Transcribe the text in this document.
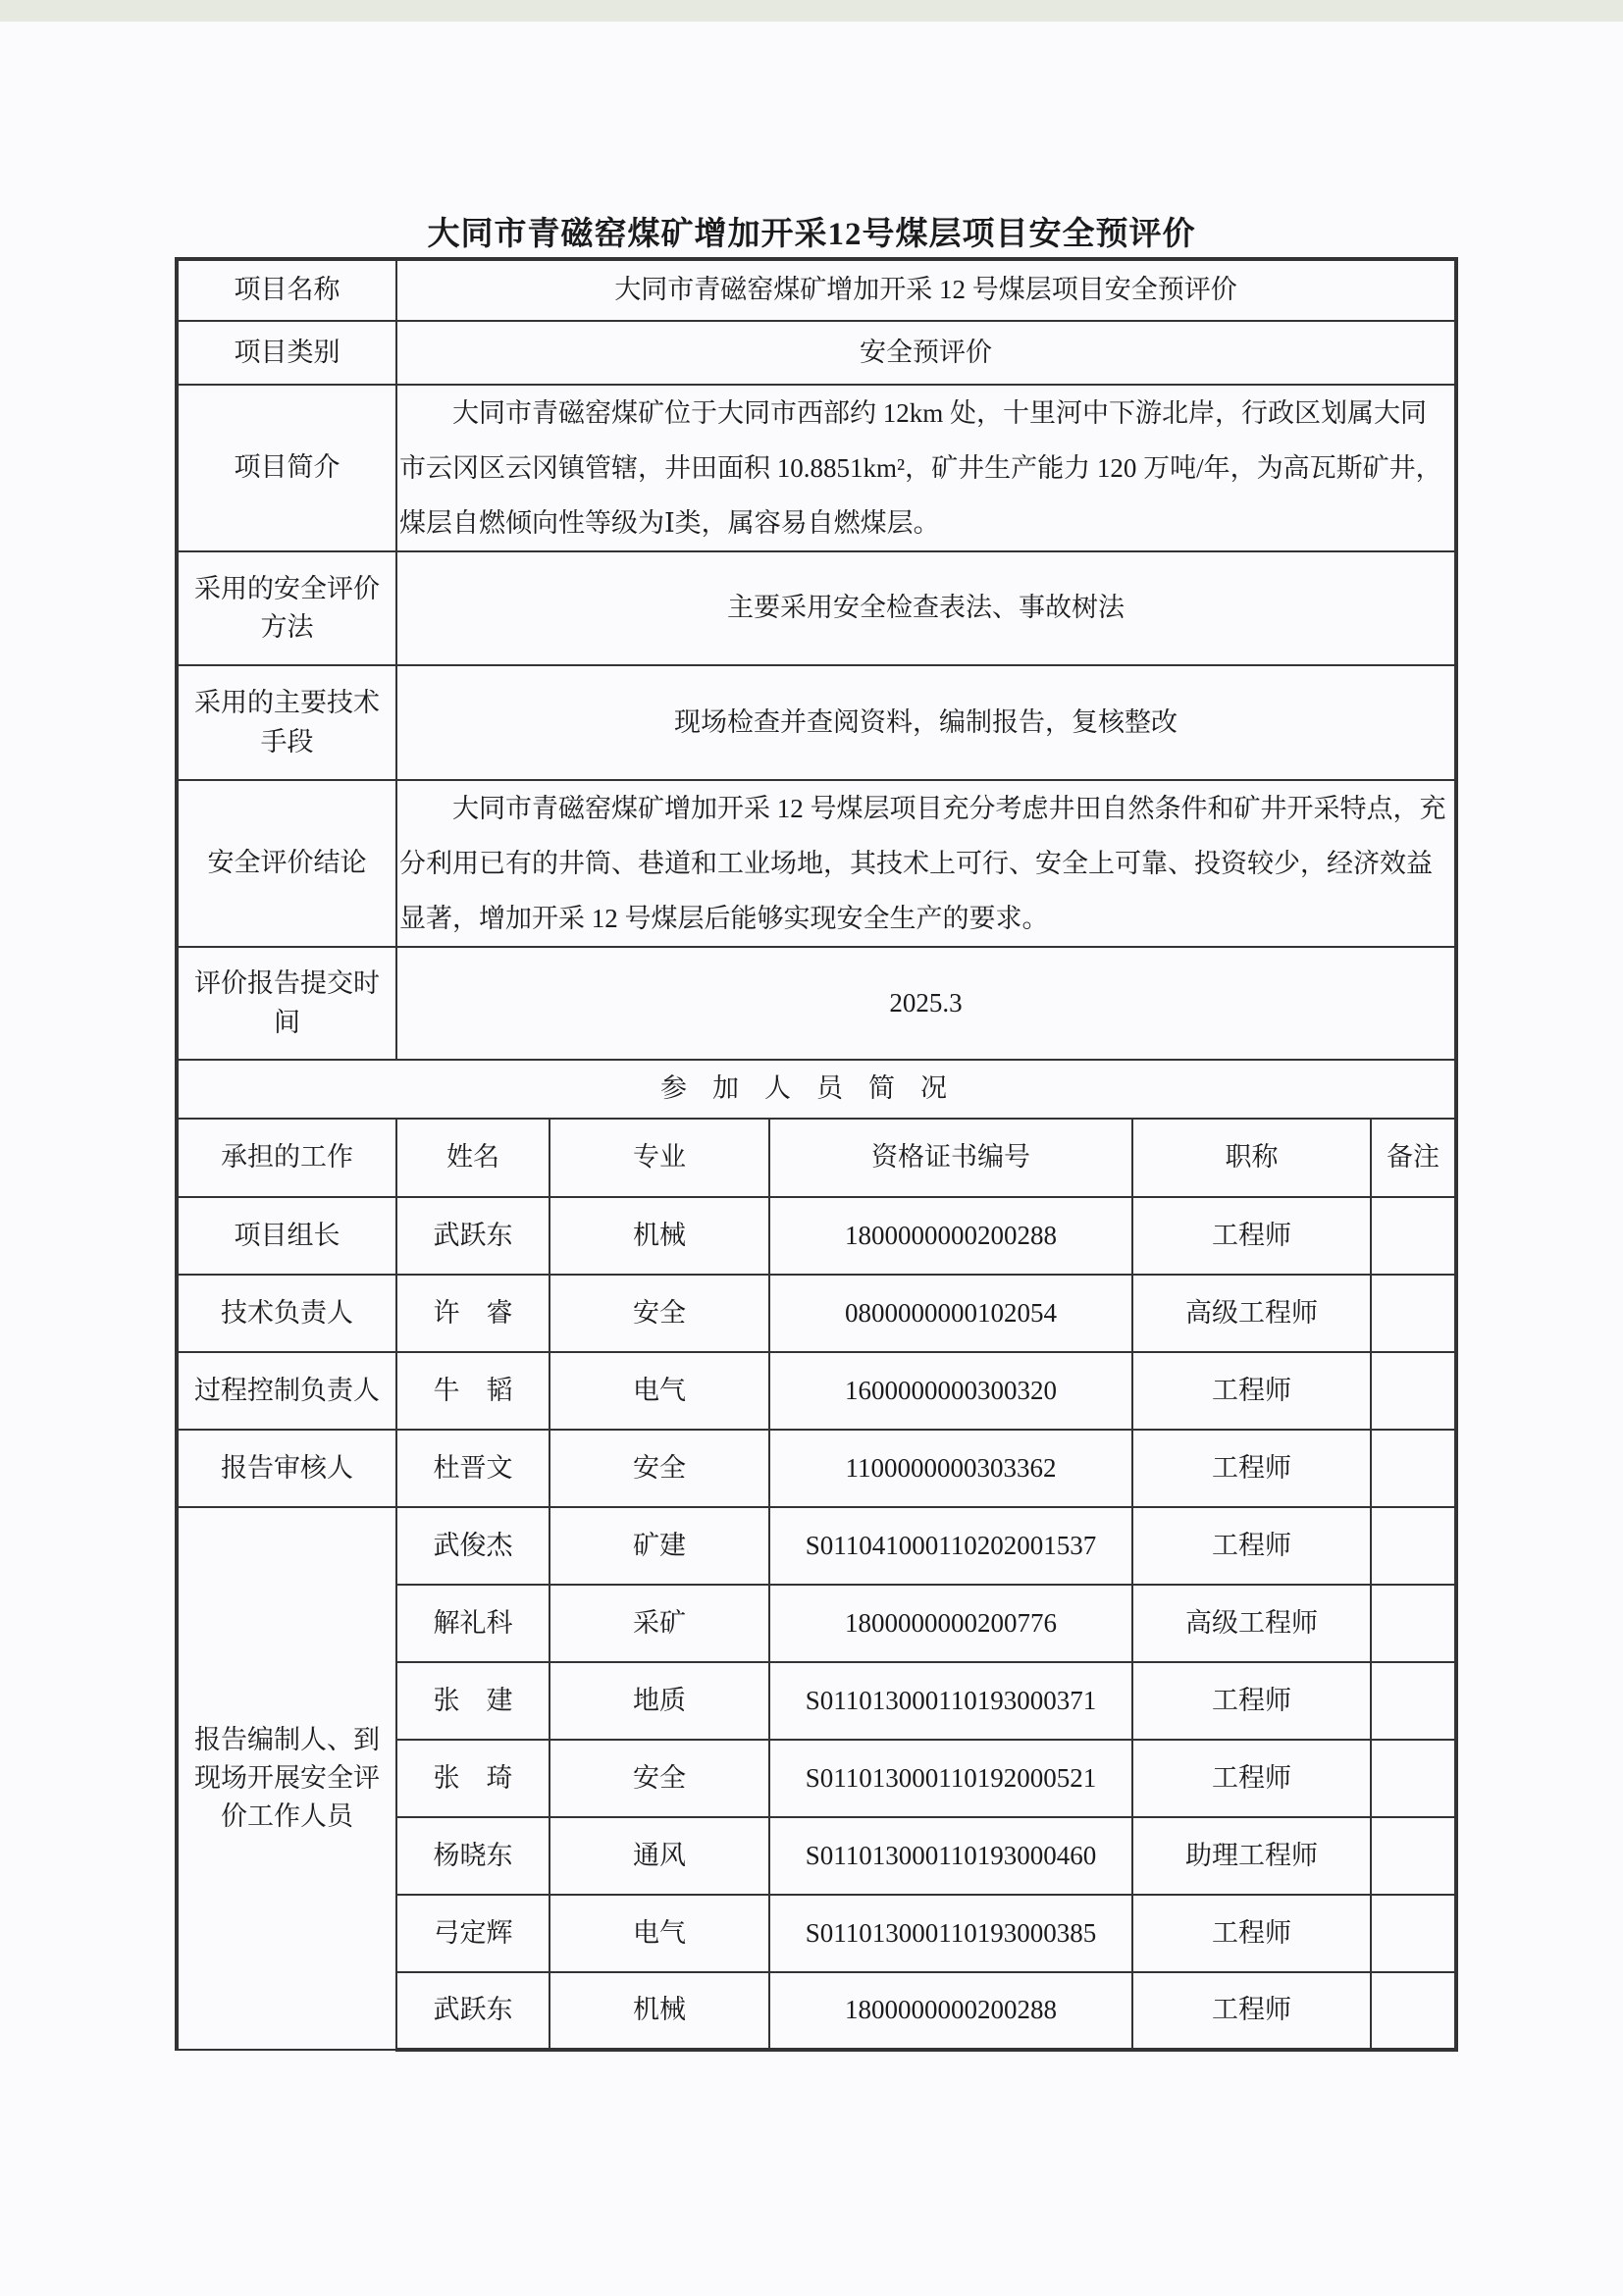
大同市青磁窑煤矿增加开采12号煤层项目安全预评价
项目名称	大同市青磁窑煤矿增加开采 12 号煤层项目安全预评价				
项目类别	安全预评价				
项目简介	大同市青磁窑煤矿位于大同市西部约 12km 处，十里河中下游北岸，行政区划属大同市云冈区云冈镇管辖，井田面积 10.8851km²，矿井生产能力 120 万吨/年，为高瓦斯矿井，煤层自燃倾向性等级为Ⅰ类，属容易自燃煤层。				
采用的安全评价方法	主要采用安全检查表法、事故树法				
采用的主要技术手段	现场检查并查阅资料，编制报告，复核整改				
安全评价结论	大同市青磁窑煤矿增加开采 12 号煤层项目充分考虑井田自然条件和矿井开采特点，充分利用已有的井筒、巷道和工业场地，其技术上可行、安全上可靠、投资较少，经济效益显著，增加开采 12 号煤层后能够实现安全生产的要求。				
评价报告提交时间	2025.3				
参加人员简况					
承担的工作	姓名	专业	资格证书编号	职称	备注
项目组长	武跃东	机械	1800000000200288	工程师	
技术负责人	许　睿	安全	0800000000102054	高级工程师	
过程控制负责人	牛　韬	电气	1600000000300320	工程师	
报告审核人	杜晋文	安全	1100000000303362	工程师	
报告编制人、到现场开展安全评价工作人员	武俊杰	矿建	S011041000110202001537	工程师	
	解礼科	采矿	1800000000200776	高级工程师	
	张　建	地质	S011013000110193000371	工程师	
	张　琦	安全	S011013000110192000521	工程师	
	杨晓东	通风	S011013000110193000460	助理工程师	
	弓定辉	电气	S011013000110193000385	工程师	
	武跃东	机械	1800000000200288	工程师	
